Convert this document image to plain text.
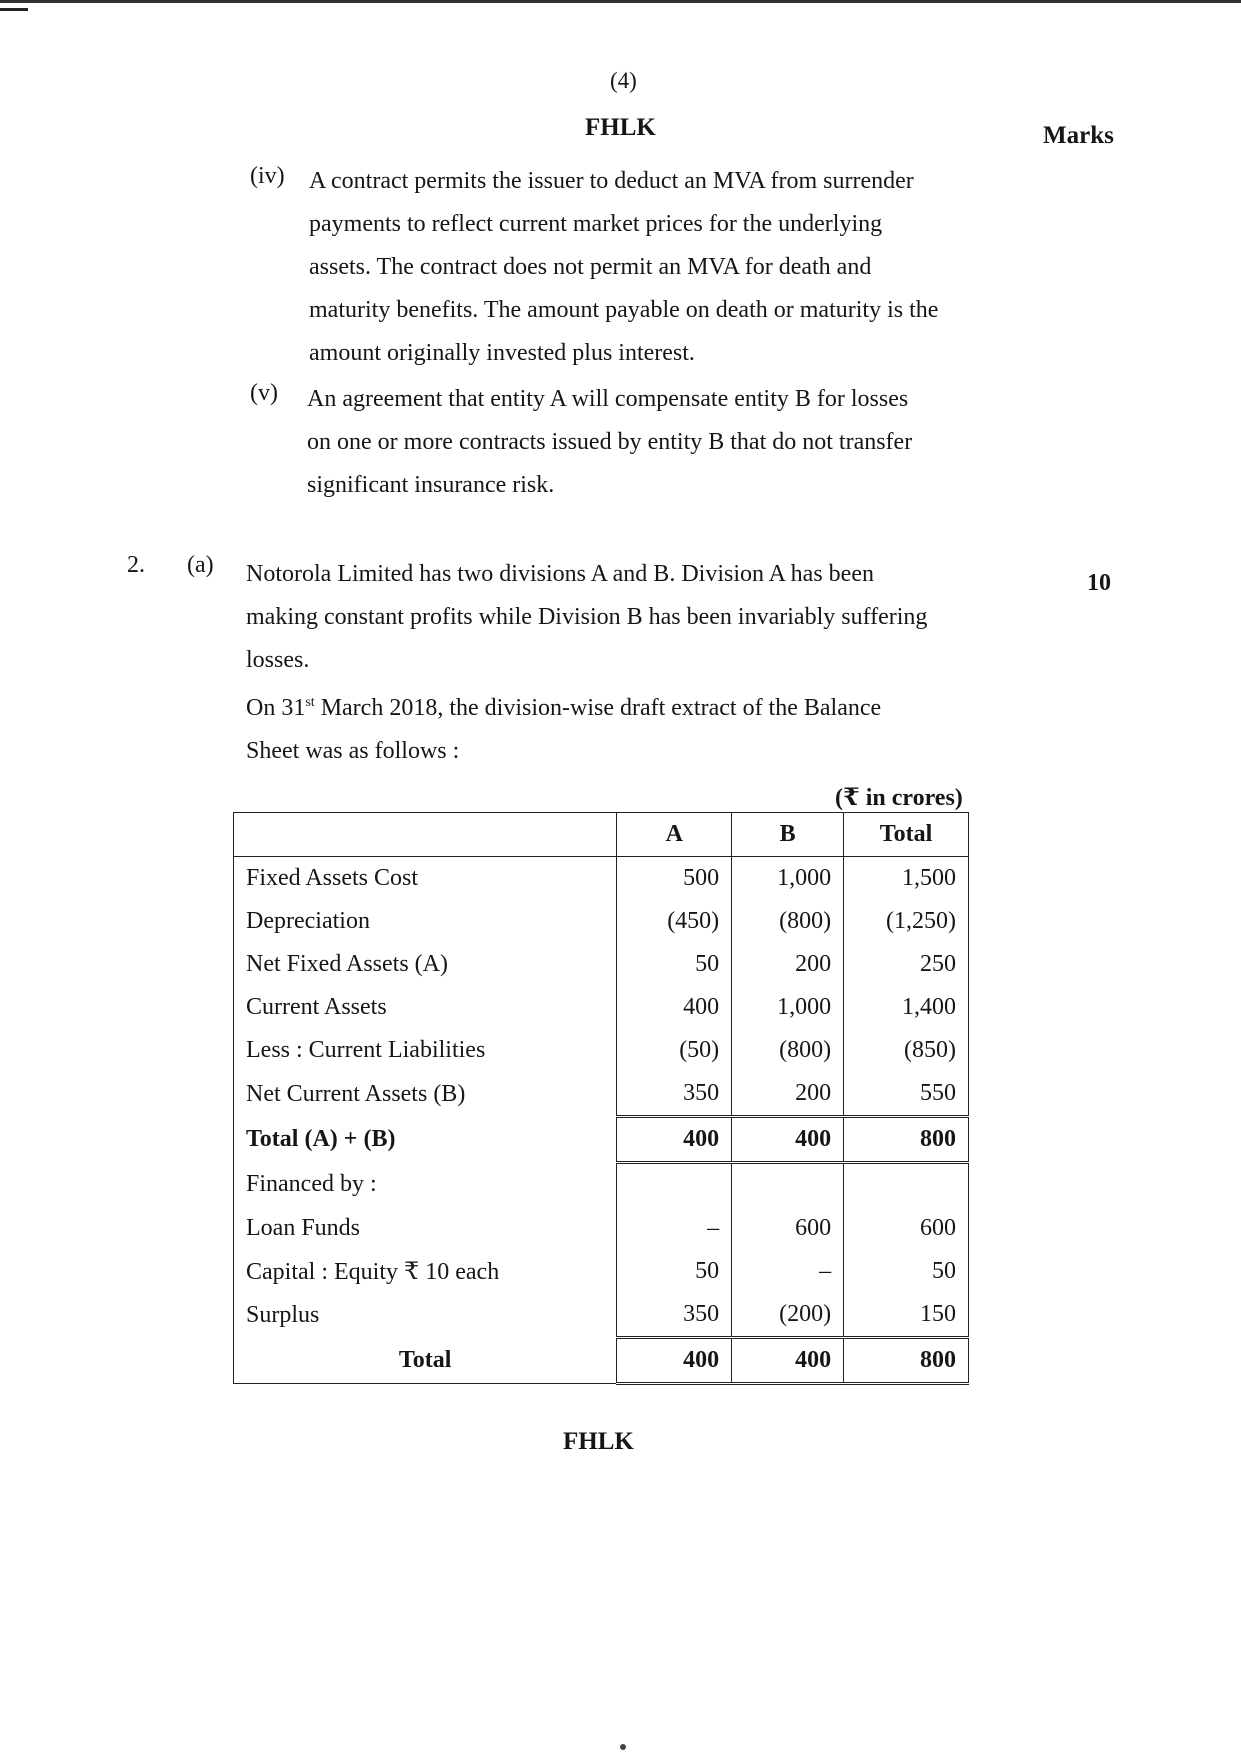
(4)
FHLK	Marks
(iv) A contract permits the issuer to deduct an MVA from surrender
payments to reflect current market prices for the underlying
assets. The contract does not permit an MVA for death and
maturity benefits. The amount payable on death or maturity is the
amount originally invested plus interest.
(v) An agreement that entity A will compensate entity B for losses
on one or more contracts issued by entity B that do not transfer
significant insurance risk.
2. (a)
10
Notorola Limited has two divisions A and B. Division A has been
making constant profits while Division B has been invariably suffering
losses.
On 31st March 2018, the division-wise draft extract of the Balance
Sheet was as follows :
(₹ in crores)
	A	B	Total
Fixed Assets Cost	500	1,000	1,500
Depreciation	(450)	(800)	(1,250)
Net Fixed Assets (A)	50	200	250
Current Assets	400	1,000	1,400
Less : Current Liabilities	(50)	(800)	(850)
Net Current Assets (B)	350	200	550
Total (A) + (B)	400	400	800
Financed by :			
Loan Funds	–	600	600
Capital : Equity ₹ 10 each	50	–	50
Surplus	350	(200)	150
Total	400	400	800
FHLK
